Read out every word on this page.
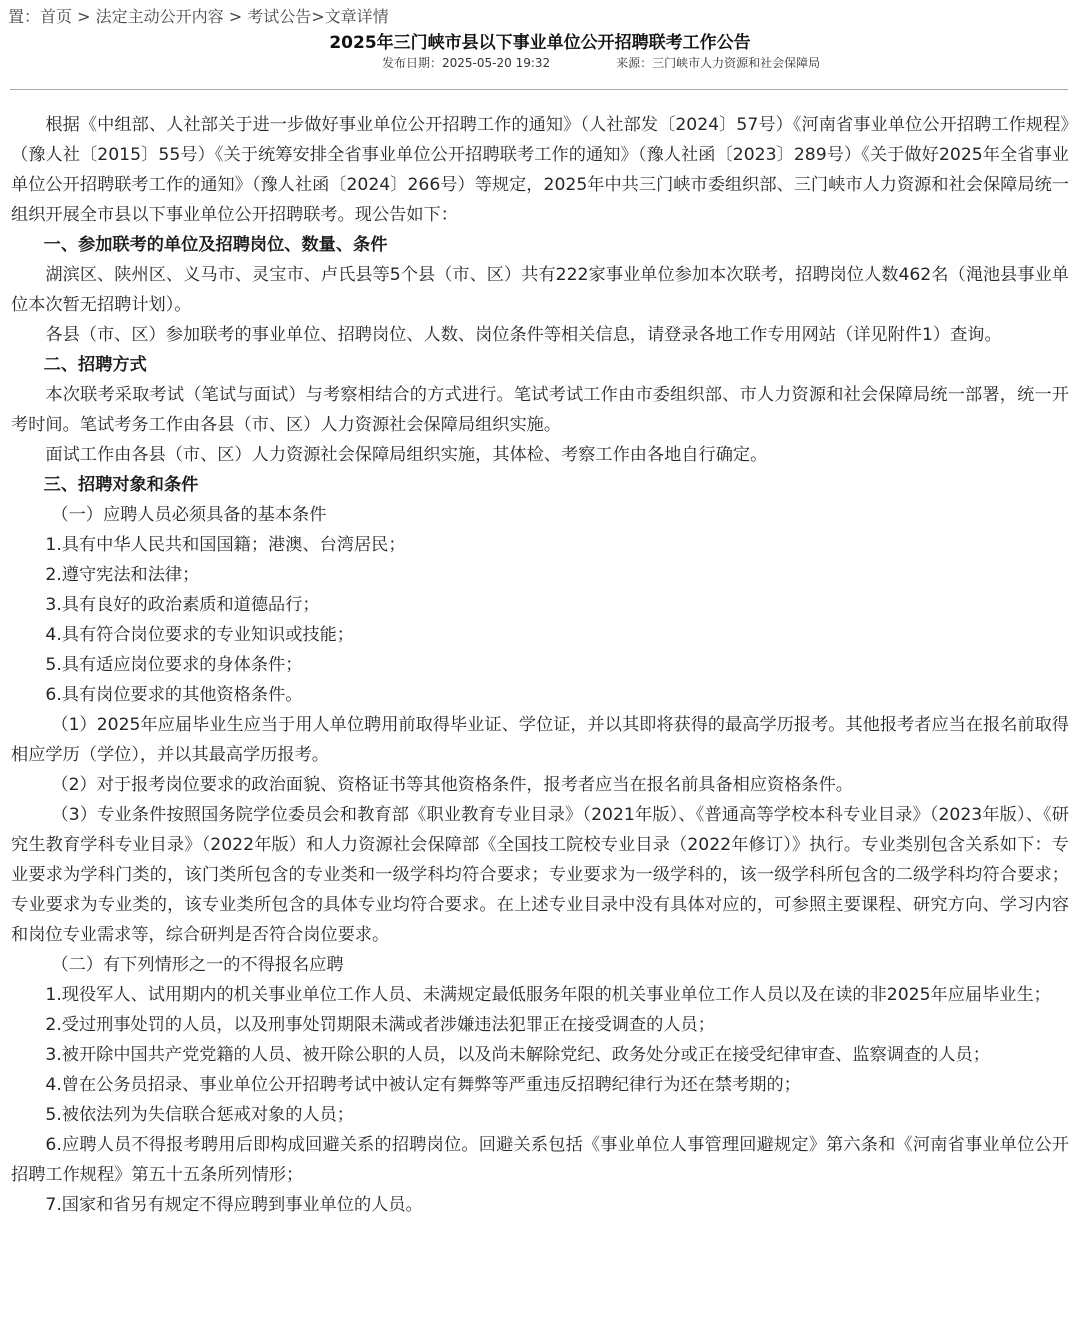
置：首页 > 法定主动公开内容 > 考试公告>文章详情
2025年三门峡市县以下事业单位公开招聘联考工作公告
发布日期：2025-05-20 19:32	来源：三门峡市人力资源和社会保障局

根据《中组部、人社部关于进一步做好事业单位公开招聘工作的通知》（人社部发〔2024〕57号）《河南省事业单位公开招聘工作规程》（豫人社〔2015〕55号）《关于统筹安排全省事业单位公开招聘联考工作的通知》（豫人社函〔2023〕289号）《关于做好2025年全省事业单位公开招聘联考工作的通知》（豫人社函〔2024〕266号）等规定，2025年中共三门峡市委组织部、三门峡市人力资源和社会保障局统一组织开展全市县以下事业单位公开招聘联考。现公告如下：

一、参加联考的单位及招聘岗位、数量、条件

湖滨区、陕州区、义马市、灵宝市、卢氏县等5个县（市、区）共有222家事业单位参加本次联考，招聘岗位人数462名（渑池县事业单位本次暂无招聘计划）。

各县（市、区）参加联考的事业单位、招聘岗位、人数、岗位条件等相关信息，请登录各地工作专用网站（详见附件1）查询。

二、招聘方式

本次联考采取考试（笔试与面试）与考察相结合的方式进行。笔试考试工作由市委组织部、市人力资源和社会保障局统一部署，统一开考时间。笔试考务工作由各县（市、区）人力资源社会保障局组织实施。

面试工作由各县（市、区）人力资源社会保障局组织实施，其体检、考察工作由各地自行确定。

三、招聘对象和条件

（一）应聘人员必须具备的基本条件

1.具有中华人民共和国国籍；港澳、台湾居民；

2.遵守宪法和法律；

3.具有良好的政治素质和道德品行；

4.具有符合岗位要求的专业知识或技能；

5.具有适应岗位要求的身体条件；

6.具有岗位要求的其他资格条件。

（1）2025年应届毕业生应当于用人单位聘用前取得毕业证、学位证，并以其即将获得的最高学历报考。其他报考者应当在报名前取得相应学历（学位），并以其最高学历报考。

（2）对于报考岗位要求的政治面貌、资格证书等其他资格条件，报考者应当在报名前具备相应资格条件。

（3）专业条件按照国务院学位委员会和教育部《职业教育专业目录》（2021年版）、《普通高等学校本科专业目录》（2023年版）、《研究生教育学科专业目录》（2022年版）和人力资源社会保障部《全国技工院校专业目录（2022年修订）》执行。专业类别包含关系如下：专业要求为学科门类的，该门类所包含的专业类和一级学科均符合要求；专业要求为一级学科的，该一级学科所包含的二级学科均符合要求；专业要求为专业类的，该专业类所包含的具体专业均符合要求。在上述专业目录中没有具体对应的，可参照主要课程、研究方向、学习内容和岗位专业需求等，综合研判是否符合岗位要求。

（二）有下列情形之一的不得报名应聘

1.现役军人、试用期内的机关事业单位工作人员、未满规定最低服务年限的机关事业单位工作人员以及在读的非2025年应届毕业生；

2.受过刑事处罚的人员，以及刑事处罚期限未满或者涉嫌违法犯罪正在接受调查的人员；

3.被开除中国共产党党籍的人员、被开除公职的人员，以及尚未解除党纪、政务处分或正在接受纪律审查、监察调查的人员；

4.曾在公务员招录、事业单位公开招聘考试中被认定有舞弊等严重违反招聘纪律行为还在禁考期的；

5.被依法列为失信联合惩戒对象的人员；

6.应聘人员不得报考聘用后即构成回避关系的招聘岗位。回避关系包括《事业单位人事管理回避规定》第六条和《河南省事业单位公开招聘工作规程》第五十五条所列情形；

7.国家和省另有规定不得应聘到事业单位的人员。
